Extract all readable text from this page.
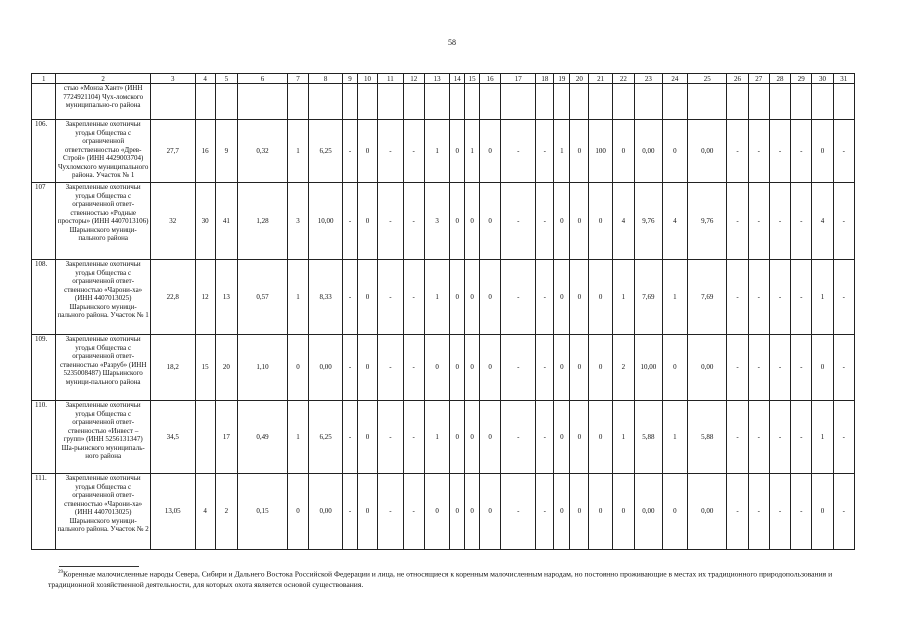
58
1	2	3	4	5	6	7	8	9	10	11	12	13	14	15	16	17	18	19	20	21	22	23	24	25	26	27	28	29	30	31
	стью «Монза Хант» (ИНН 7724921104) Чух-ломского муниципально-го района																													
106.	Закрепленные охотничьи угодья Общества с ограниченной ответственностью «Древ-Строй» (ИНН 4429003704) Чухломского муниципального района. Участок № 1	27,7	16	9	0,32	1	6,25	-	0	-	-	1	0	1	0	-	-	1	0	100	0	0,00	0	0,00	-	-	-	-	0	-
107	Закрепленные охотничьи угодья Общества с ограниченной ответ-ственностью «Родные просторы» (ИНН 4407013106) Шарьинского муници-пального района	32	30	41	1,28	3	10,00	-	0	-	-	3	0	0	0	-	-	0	0	0	4	9,76	4	9,76	-	-	-	-	4	-
108.	Закрепленные охотничьи угодья Общества с ограниченной ответ-ственностью «Чарони-ха» (ИНН 4407013025) Шарьинского муници-пального района. Участок № 1	22,8	12	13	0,57	1	8,33	-	0	-	-	1	0	0	0	-	-	0	0	0	1	7,69	1	7,69	-	-	-	-	1	-
109.	Закрепленные охотничьи угодья Общества с ограниченной ответ-ственностью «Разруб» (ИНН 5235008487) Шарьинского муници-пального района	18,2	15	20	1,10	0	0,00	-	0	-	-	0	0	0	0	-	-	0	0	0	2	10,00	0	0,00	-	-	-	-	0	-
110.	Закрепленные охотничьи угодья Общества с ограниченной ответ-ственностью «Инвест – групп» (ИНН 5256131347) Ша-рьинского муниципаль-ного района	34,5		17	0,49	1	6,25	-	0	-	-	1	0	0	0	-	-	0	0	0	1	5,88	1	5,88	-	-	-	-	1	-
111.	Закрепленные охотничьи угодья Общества с ограниченной ответ-ственностью «Чарони-ха» (ИНН 4407013025) Шарьинского муници-пального района. Участок № 2	13,05	4	2	0,15	0	0,00	-	0	-	-	0	0	0	0	-	-	0	0	0	0	0,00	0	0,00	-	-	-	-	0	-
$^{29}$Коренные малочисленные народы Севера, Сибири и Дальнего Востока Российской Федерации и лица, не относящиеся к коренным малочисленным народам, но постоянно проживающие в местах их традиционного природопользования и традиционной хозяйственной деятельности, для которых охота является основой существования.
